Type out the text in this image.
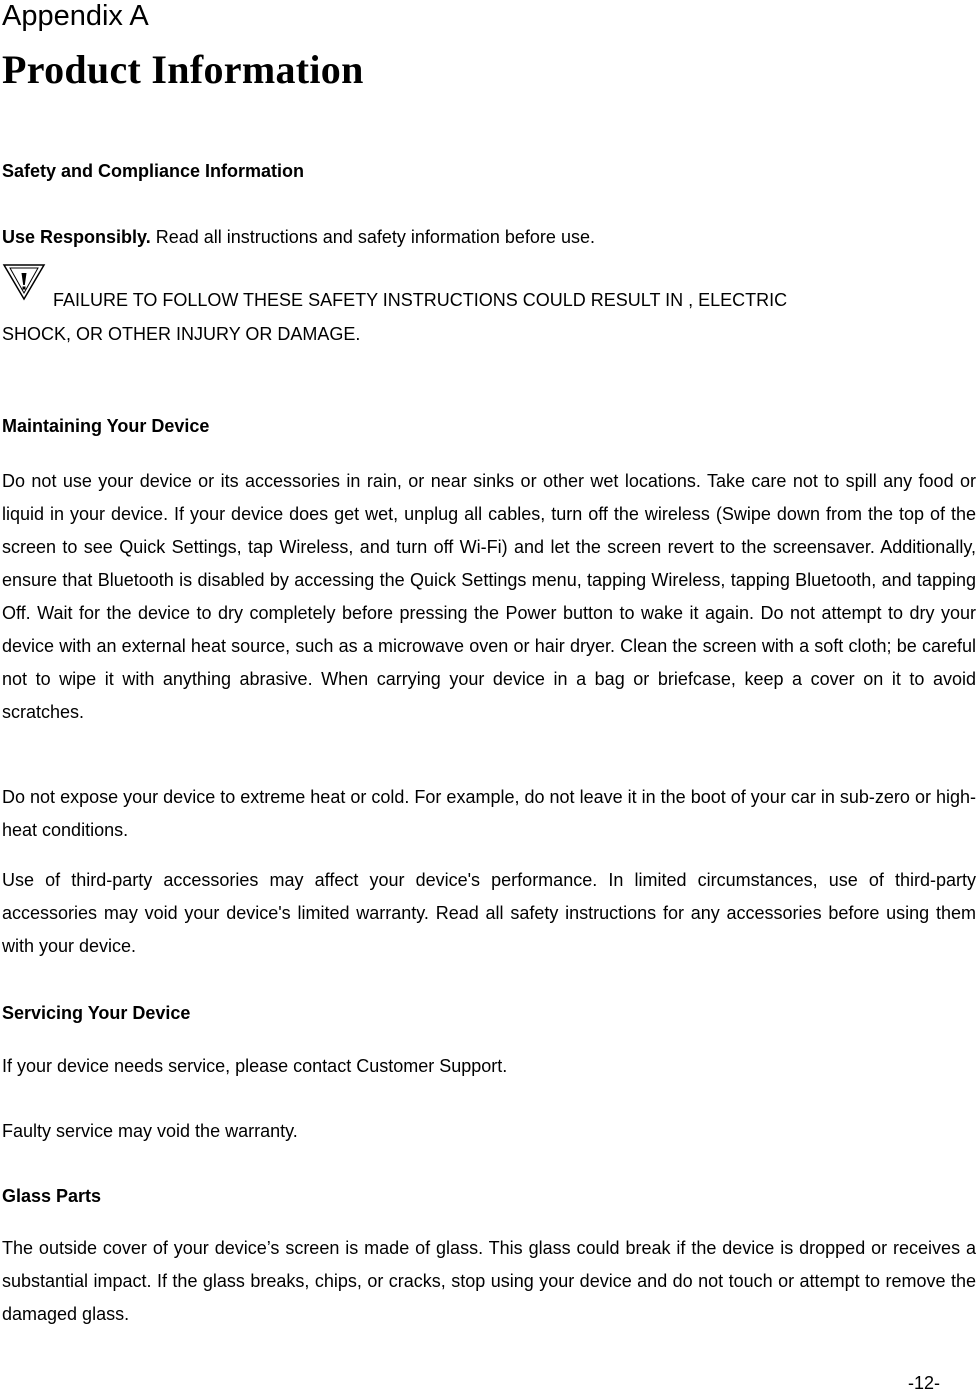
Appendix A
Product Information
Safety and Compliance Information
Use Responsibly. Read all instructions and safety information before use.
FAILURE TO FOLLOW THESE SAFETY INSTRUCTIONS COULD RESULT IN , ELECTRIC
SHOCK, OR OTHER INJURY OR DAMAGE.
Maintaining Your Device
Do not use your device or its accessories in rain, or near sinks or other wet locations. Take care not to spill any food or liquid in your device. If your device does get wet, unplug all cables, turn off the wireless (Swipe down from the top of the screen to see Quick Settings, tap Wireless, and turn off Wi-Fi) and let the screen revert to the screensaver. Additionally, ensure that Bluetooth is disabled by accessing the Quick Settings menu, tapping Wireless, tapping Bluetooth, and tapping Off. Wait for the device to dry completely before pressing the Power button to wake it again. Do not attempt to dry your device with an external heat source, such as a microwave oven or hair dryer. Clean the screen with a soft cloth; be careful not to wipe it with anything abrasive. When carrying your device in a bag or briefcase, keep a cover on it to avoid scratches.
Do not expose your device to extreme heat or cold. For example, do not leave it in the boot of your car in sub-zero or high-heat conditions.
Use of third-party accessories may affect your device's performance. In limited circumstances, use of third-party accessories may void your device's limited warranty. Read all safety instructions for any accessories before using them with your device.
Servicing Your Device
If your device needs service, please contact Customer Support.
Faulty service may void the warranty.
Glass Parts
The outside cover of your device’s screen is made of glass. This glass could break if the device is dropped or receives a substantial impact. If the glass breaks, chips, or cracks, stop using your device and do not touch or attempt to remove the damaged glass.
-12-
